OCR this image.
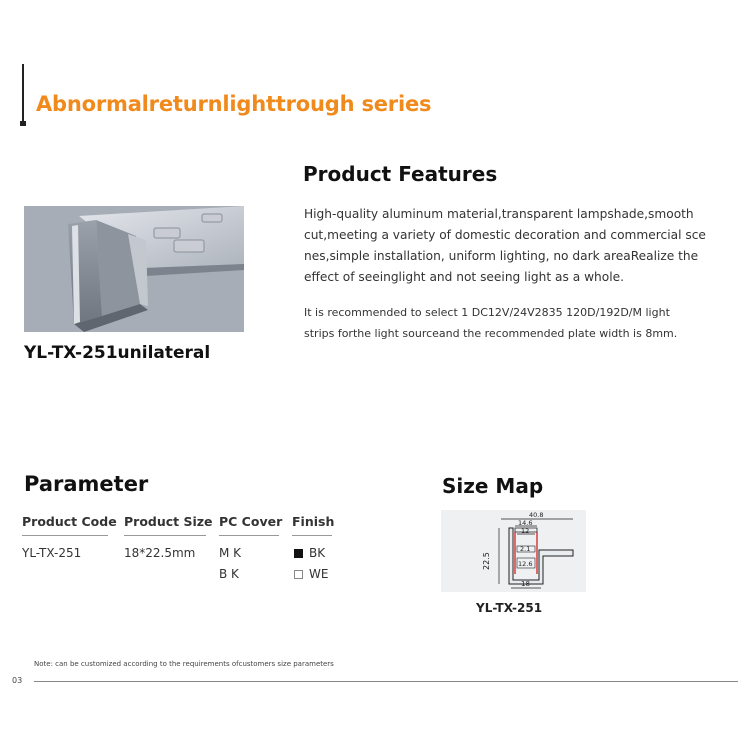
Abnormalreturnlighttrough series
YL-TX-251unilateral
Product Features
High-quality aluminum material,transparent lampshade,smooth
cut,meeting a variety of domestic decoration and commercial sce
nes,simple installation, uniform lighting, no dark areaRealize the
effect of seeinglight and not seeing light as a whole.
It is recommended to select 1 DC12V/24V2835 120D/192D/M light
strips forthe light sourceand the recommended plate width is 8mm.
Parameter
Product Code Product Size PC Cover Finish
YL-TX-251	18*22.5mm M K
B K
BK
WE
Size Map
40.8
14.6
12
2.1
12.6
22.5
18
YL-TX-251
Note: can be customized according to the requirements ofcustomers size parameters
03
